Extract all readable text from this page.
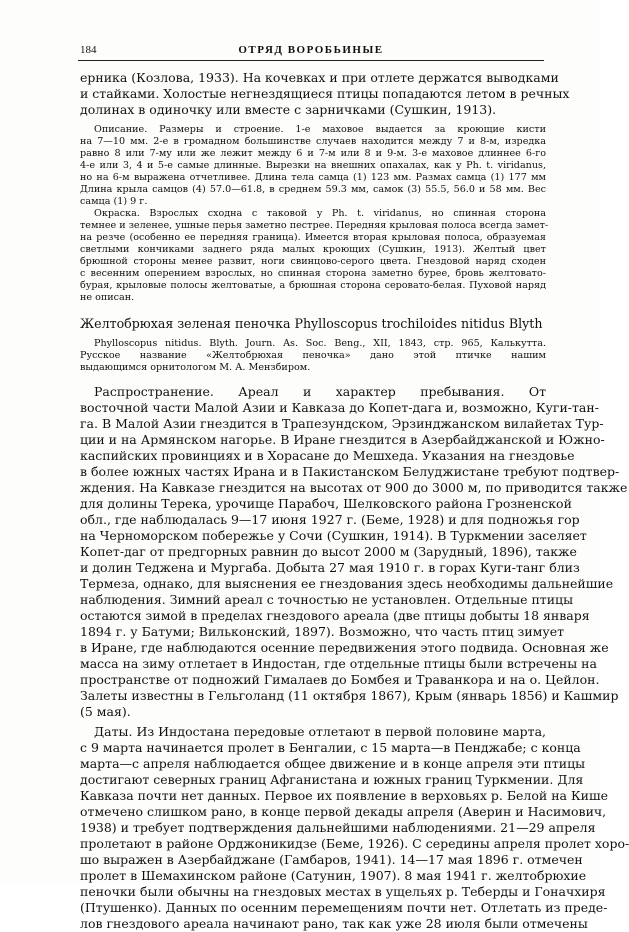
184	ОТРЯД ВОРОБЬИНЫЕ
ерника (Козлова, 1933). На кочевках и при отлете держатся выводками
и стайками. Холостые негнездящиеся птицы попадаются летом в речных
долинах в одиночку или вместе с зарничками (Сушкин, 1913).
Описание. Размеры и строение. 1-е маховое выдается за кроющие кисти
на 7—10 мм. 2-е в громадном большинстве случаев находится между 7 и 8-м, изредка
равно 8 или 7-му или же лежит между 6 и 7-м или 8 и 9-м. 3-е маховое длиннее 6-го
4-е или 3, 4 и 5-е самые длинные. Вырезки на внешних опахалах, как у Ph. t. viridanus,
но на 6-м выражена отчетливее. Длина тела самца (1) 123 мм. Размах самца (1) 177 мм
Длина крыла самцов (4) 57.0—61.8, в среднем 59.3 мм, самок (3) 55.5, 56.0 и 58 мм. Вес
самца (1) 9 г.
Окраска. Взрослых сходна с таковой у Ph. t. viridanus, но спинная сторона
темнее и зеленее, ушные перья заметно пестрее. Передняя крыловая полоса всегда замет-
на резче (особенно ее передняя граница). Имеется вторая крыловая полоса, образуемая
светлыми кончиками заднего ряда малых кроющих (Сушкин, 1913). Желтый цвет
брюшной стороны менее развит, ноги свинцово-серого цвета. Гнездовой наряд сходен
с весенним оперением взрослых, но спинная сторона заметно бурее, бровь желтовато-
бурая, крыловые полосы желтоватые, а брюшная сторона серовато-белая. Пуховой наряд
не описан.
Желтобрюхая зеленая пеночка Phylloscopus trochiloides nitidus Blyth
Phylloscopus nitidus. Blyth. Journ. As. Soc. Beng., XII, 1843, стр. 965, Калькутта.
Русское название «Желтобрюхая пеночка» дано этой птичке нашим
выдающимся орнитологом М. А. Мензбиром.
Распространение. Ареал и характер пребывания. От
восточной части Малой Азии и Кавказа до Копет-дага и, возможно, Куги-тан-
га. В Малой Азии гнездится в Трапезундском, Эрзинджанском вилайетах Тур-
ции и на Армянском нагорье. В Иране гнездится в Азербайджанской и Южно-
каспийских провинциях и в Хорасане до Мешхеда. Указания на гнездовье
в более южных частях Ирана и в Пакистанском Белуджистане требуют подтвер-
ждения. На Кавказе гнездится на высотах от 900 до 3000 м, по приводится также
для долины Терека, урочище Парабоч, Шелковского района Грозненской
обл., где наблюдалась 9—17 июня 1927 г. (Беме, 1928) и для подножья гор
на Черноморском побережье у Сочи (Сушкин, 1914). В Туркмении заселяет
Копет-даг от предгорных равнин до высот 2000 м (Зарудный, 1896), также
и долин Теджена и Мургаба. Добыта 27 мая 1910 г. в горах Куги-танг близ
Термеза, однако, для выяснения ее гнездования здесь необходимы дальнейшие
наблюдения. Зимний ареал с точностью не установлен. Отдельные птицы
остаются зимой в пределах гнездового ареала (две птицы добыты 18 января
1894 г. у Батуми; Вильконский, 1897). Возможно, что часть птиц зимует
в Иране, где наблюдаются осенние передвижения этого подвида. Основная же
масса на зиму отлетает в Индостан, где отдельные птицы были встречены на
пространстве от подножий Гималаев до Бомбея и Траванкора и на о. Цейлон.
Залеты известны в Гельголанд (11 октября 1867), Крым (январь 1856) и Кашмир
(5 мая).
Даты. Из Индостана передовые отлетают в первой половине марта,
с 9 марта начинается пролет в Бенгалии, с 15 марта—в Пенджабе; с конца
марта—с апреля наблюдается общее движение и в конце апреля эти птицы
достигают северных границ Афганистана и южных границ Туркмении. Для
Кавказа почти нет данных. Первое их появление в верховьях р. Белой на Кише
отмечено слишком рано, в конце первой декады апреля (Аверин и Насимович,
1938) и требует подтверждения дальнейшими наблюдениями. 21—29 апреля
пролетают в районе Орджоникидзе (Беме, 1926). С середины апреля пролет хоро-
шо выражен в Азербайджане (Гамбаров, 1941). 14—17 мая 1896 г. отмечен
пролет в Шемахинском районе (Сатунин, 1907). 8 мая 1941 г. желтобрюхие
пеночки были обычны на гнездовых местах в ущельях р. Теберды и Гоначхиря
(Птушенко). Данных по осенним перемещениям почти нет. Отлетать из преде-
лов гнездового ареала начинают рано, так как уже 28 июля были отмечены
